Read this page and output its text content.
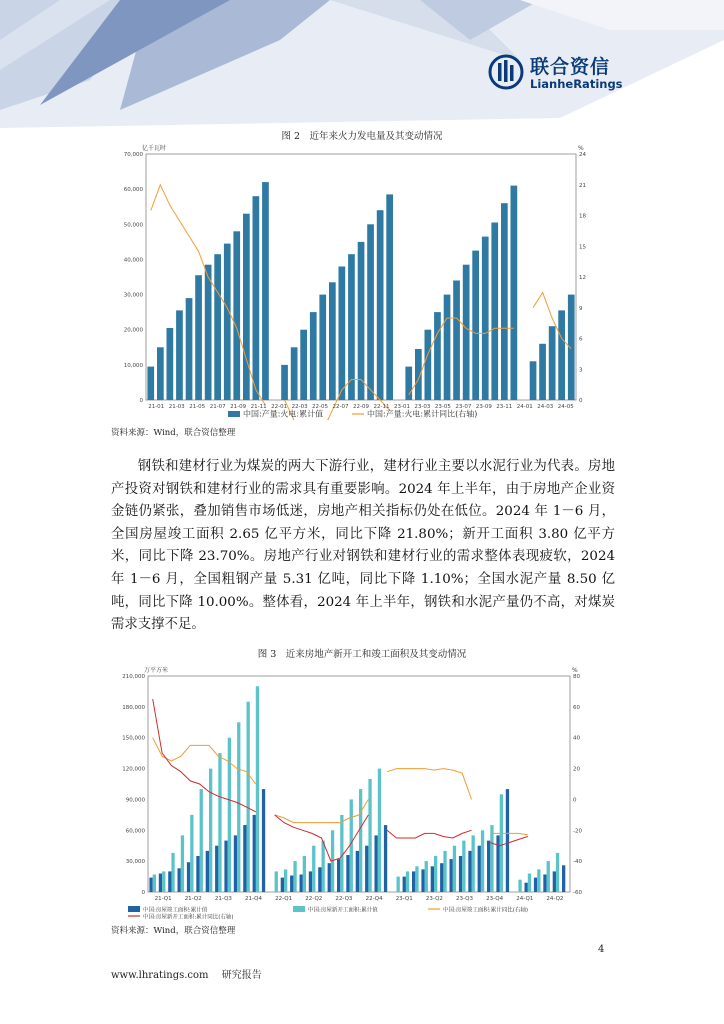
联合资信
LianheRatings
图 2　近年来火力发电量及其变动情况
亿千瓦时	%
70,000
60,000
50,000
40,000
30,000
20,000
10,000
0
24
21
18
15
12
9
6
3
0
21-01 21-03 21-05 21-07 21-09 21-11 22-01 22-03 22-05 22-07 22-09 22-11 23-01 23-03 23-05 23-07 23-09 23-11 24-01 24-03 24-05
中国:产量:火电:累计值	中国:产量:火电:累计同比(右轴)
资料来源：Wind，联合资信整理

钢铁和建材行业为煤炭的两大下游行业，建材行业主要以水泥行业为代表。房地产投资对钢铁和建材行业的需求具有重要影响。2024 年上半年，由于房地产企业资金链仍紧张，叠加销售市场低迷，房地产相关指标仍处在低位。2024 年 1－6 月，全国房屋竣工面积 2.65 亿平方米，同比下降 21.80%；新开工面积 3.80 亿平方米，同比下降 23.70%。房地产行业对钢铁和建材行业的需求整体表现疲软，2024 年 1－6 月，全国粗钢产量 5.31 亿吨，同比下降 1.10%；全国水泥产量 8.50 亿吨，同比下降 10.00%。整体看，2024 年上半年，钢铁和水泥产量仍不高，对煤炭需求支撑不足。

图 3　近来房地产新开工和竣工面积及其变动情况
万平方米	%
210,000
180,000
150,000
120,000
90,000
60,000
30,000
0
80
60
40
20
0
-20
-40
-60
21-Q1 21-Q2 21-Q3 21-Q4 22-Q1 22-Q2 22-Q3 22-Q4 23-Q1 23-Q2 23-Q3 23-Q4 24-Q1 24-Q2
中国:房屋竣工面积:累计值	中国:房屋新开工面积:累计值	中国:房屋竣工面积:累计同比(右轴)
中国:房屋新开工面积:累计同比(右轴)
资料来源：Wind，联合资信整理
4
www.lhratings.com 研究报告
